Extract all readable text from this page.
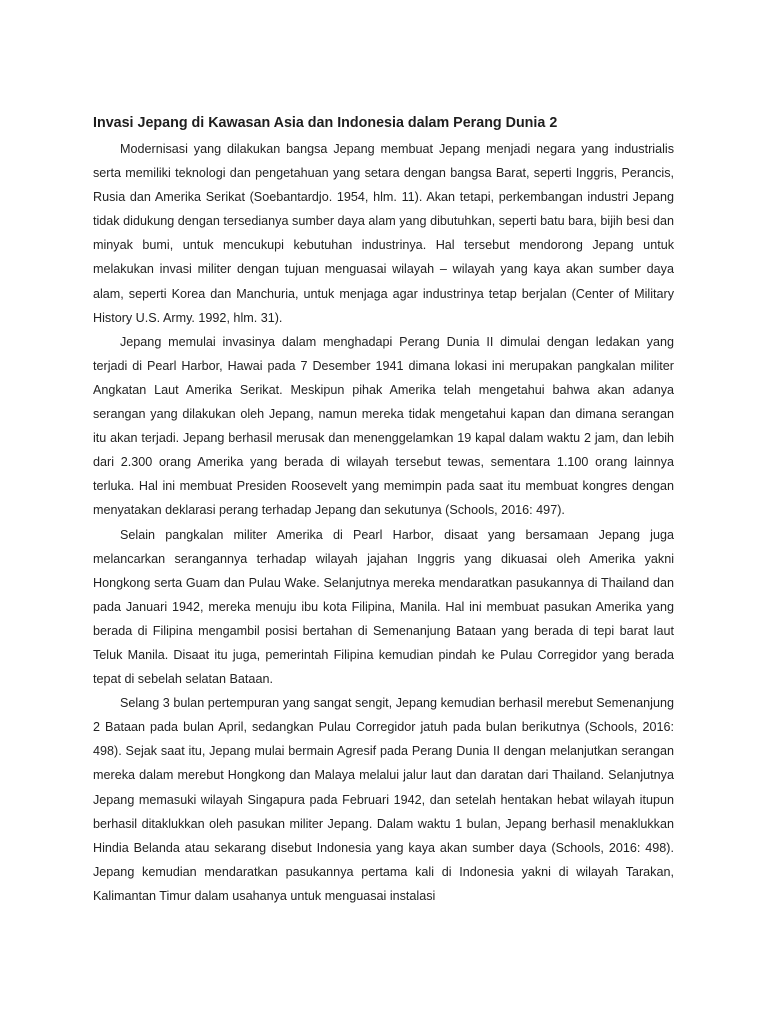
Invasi Jepang di Kawasan Asia dan Indonesia dalam Perang Dunia 2

Modernisasi yang dilakukan bangsa Jepang membuat Jepang menjadi negara yang industrialis serta memiliki teknologi dan pengetahuan yang setara dengan bangsa Barat, seperti Inggris, Perancis, Rusia dan Amerika Serikat (Soebantardjo. 1954, hlm. 11). Akan tetapi, perkembangan industri Jepang tidak didukung dengan tersedianya sumber daya alam yang dibutuhkan, seperti batu bara, bijih besi dan minyak bumi, untuk mencukupi kebutuhan industrinya. Hal tersebut mendorong Jepang untuk melakukan invasi militer dengan tujuan menguasai wilayah – wilayah yang kaya akan sumber daya alam, seperti Korea dan Manchuria, untuk menjaga agar industrinya tetap berjalan (Center of Military History U.S. Army. 1992, hlm. 31).

Jepang memulai invasinya dalam menghadapi Perang Dunia II dimulai dengan ledakan yang terjadi di Pearl Harbor, Hawai pada 7 Desember 1941 dimana lokasi ini merupakan pangkalan militer Angkatan Laut Amerika Serikat. Meskipun pihak Amerika telah mengetahui bahwa akan adanya serangan yang dilakukan oleh Jepang, namun mereka tidak mengetahui kapan dan dimana serangan itu akan terjadi. Jepang berhasil merusak dan menenggelamkan 19 kapal dalam waktu 2 jam, dan lebih dari 2.300 orang Amerika yang berada di wilayah tersebut tewas, sementara 1.100 orang lainnya terluka. Hal ini membuat Presiden Roosevelt yang memimpin pada saat itu membuat kongres dengan menyatakan deklarasi perang terhadap Jepang dan sekutunya (Schools, 2016: 497).

Selain pangkalan militer Amerika di Pearl Harbor, disaat yang bersamaan Jepang juga melancarkan serangannya terhadap wilayah jajahan Inggris yang dikuasai oleh Amerika yakni Hongkong serta Guam dan Pulau Wake. Selanjutnya mereka mendaratkan pasukannya di Thailand dan pada Januari 1942, mereka menuju ibu kota Filipina, Manila. Hal ini membuat pasukan Amerika yang berada di Filipina mengambil posisi bertahan di Semenanjung Bataan yang berada di tepi barat laut Teluk Manila. Disaat itu juga, pemerintah Filipina kemudian pindah ke Pulau Corregidor yang berada tepat di sebelah selatan Bataan.

Selang 3 bulan pertempuran yang sangat sengit, Jepang kemudian berhasil merebut Semenanjung 2 Bataan pada bulan April, sedangkan Pulau Corregidor jatuh pada bulan berikutnya (Schools, 2016: 498). Sejak saat itu, Jepang mulai bermain Agresif pada Perang Dunia II dengan melanjutkan serangan mereka dalam merebut Hongkong dan Malaya melalui jalur laut dan daratan dari Thailand. Selanjutnya Jepang memasuki wilayah Singapura pada Februari 1942, dan setelah hentakan hebat wilayah itupun berhasil ditaklukkan oleh pasukan militer Jepang. Dalam waktu 1 bulan, Jepang berhasil menaklukkan Hindia Belanda atau sekarang disebut Indonesia yang kaya akan sumber daya (Schools, 2016: 498). Jepang kemudian mendaratkan pasukannya pertama kali di Indonesia yakni di wilayah Tarakan, Kalimantan Timur dalam usahanya untuk menguasai instalasi
